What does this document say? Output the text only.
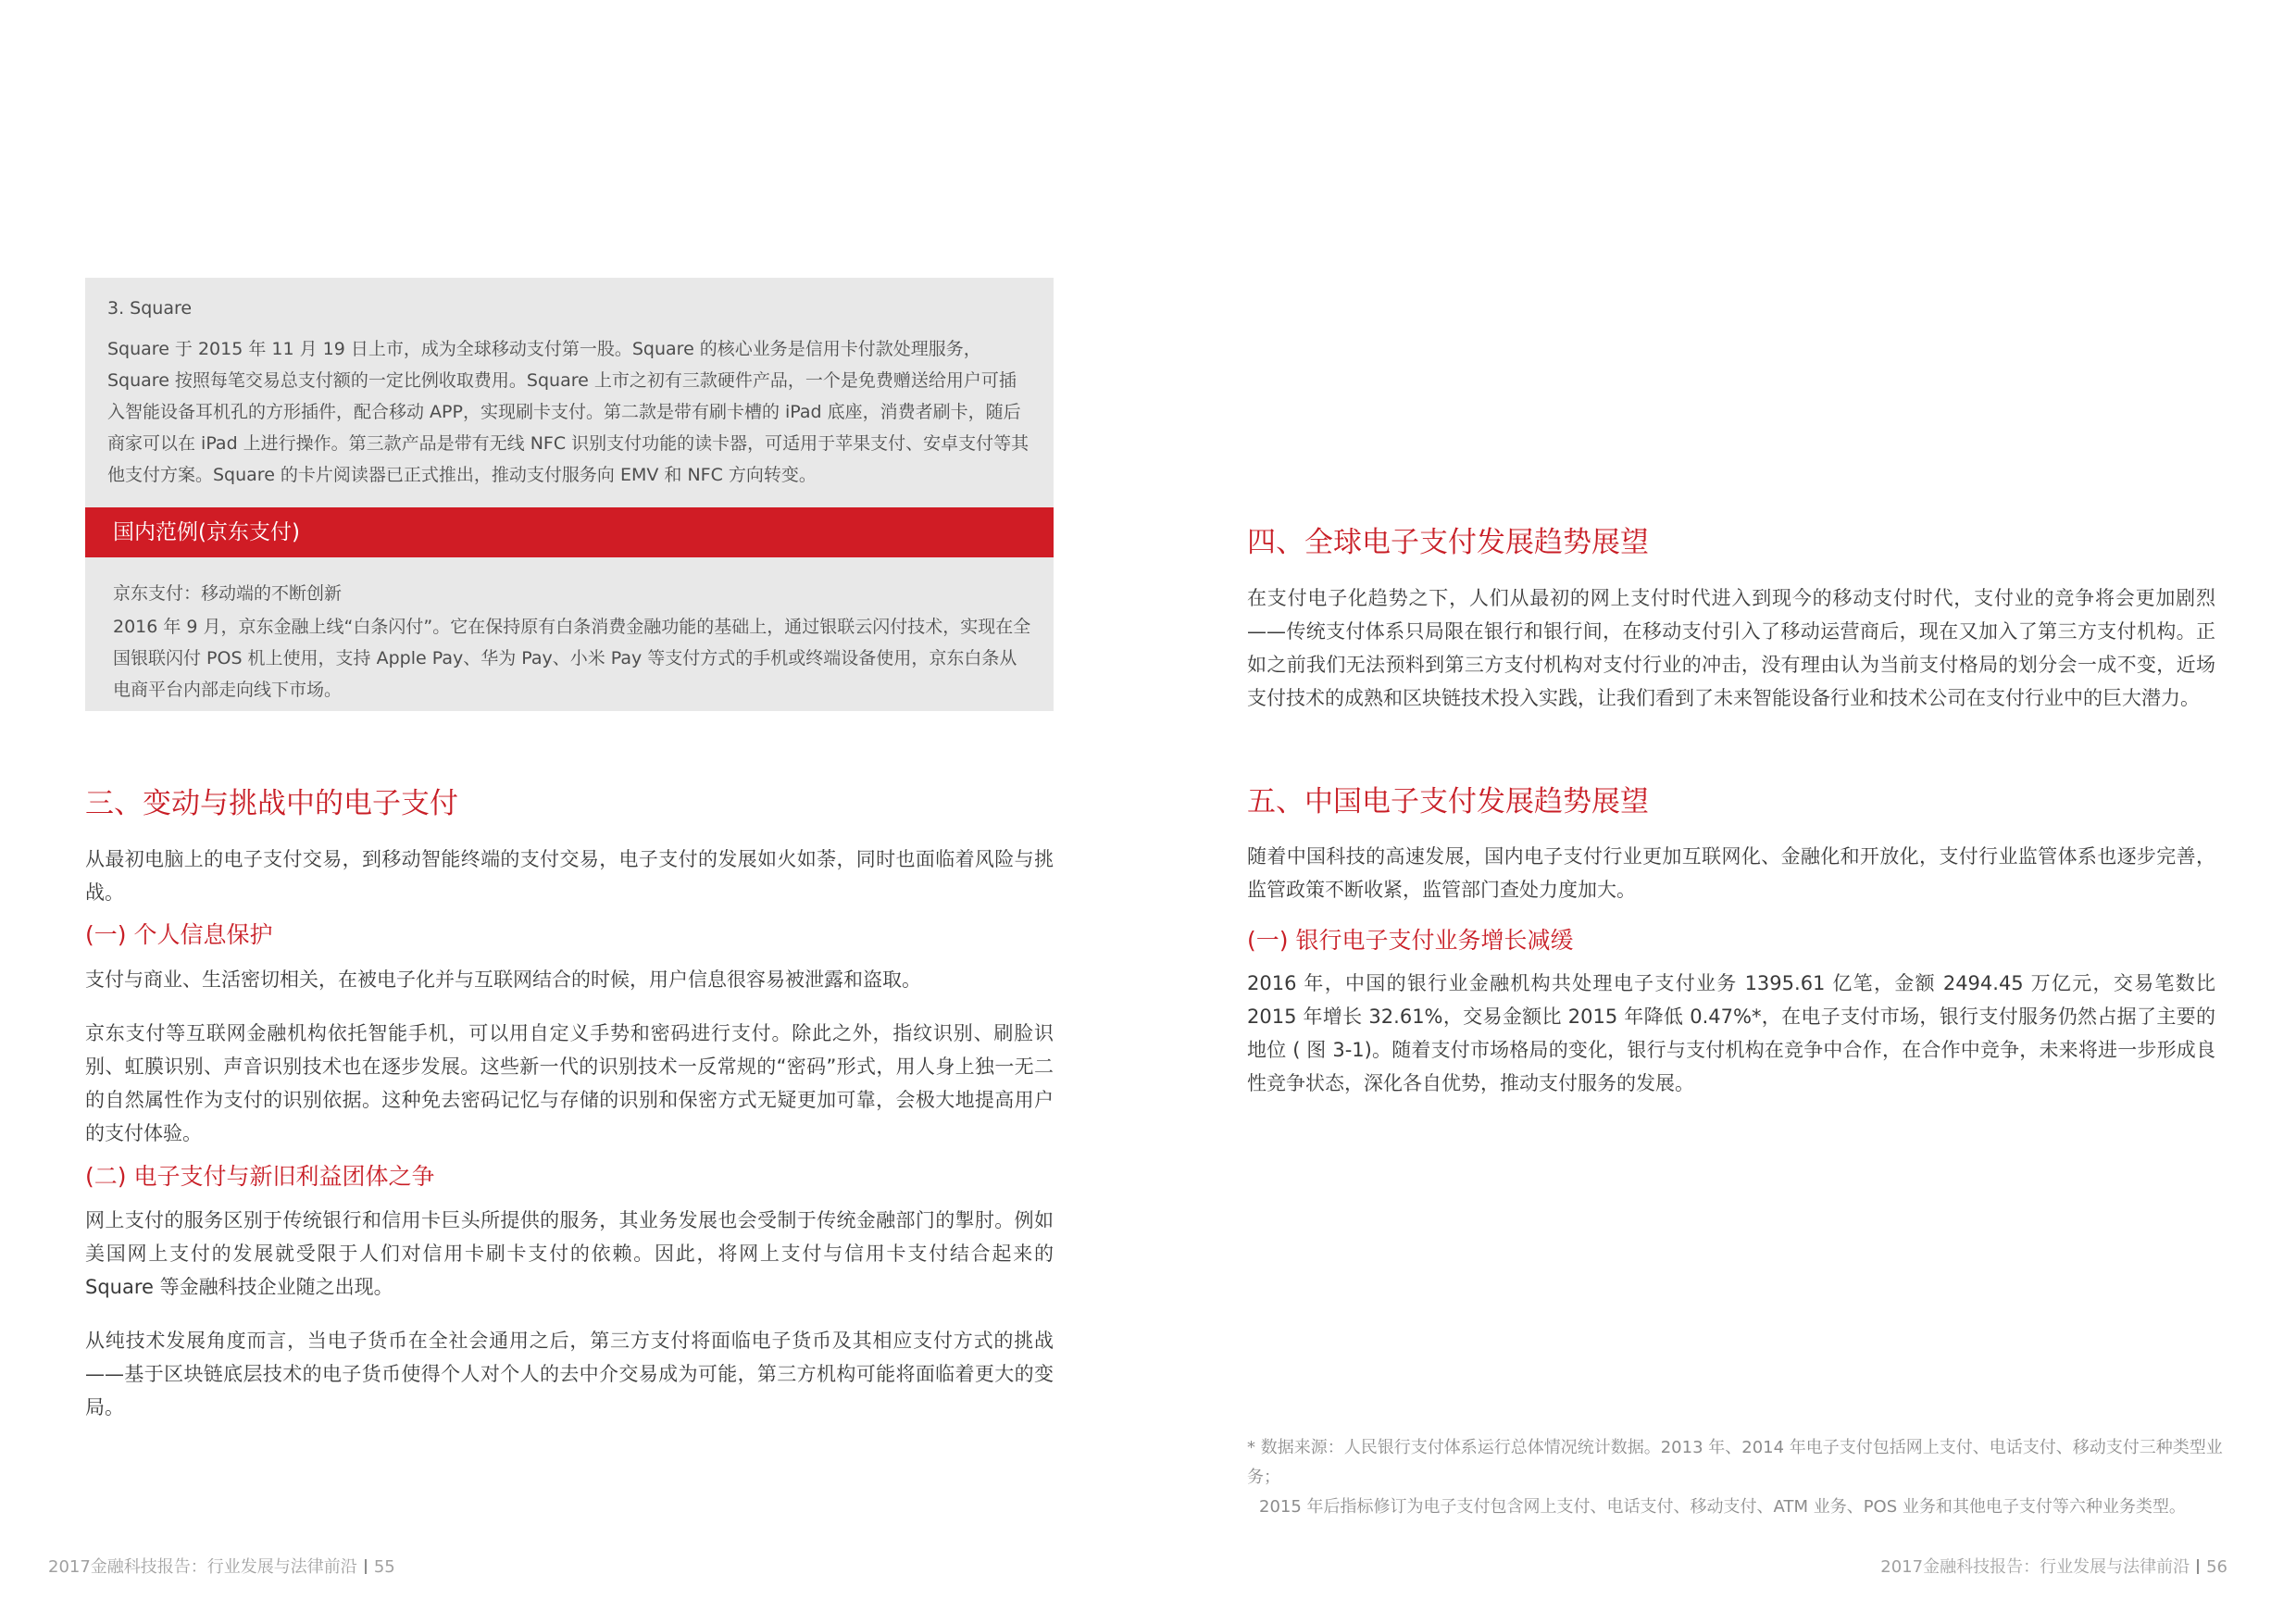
3. Square
Square 于 2015 年 11 月 19 日上市，成为全球移动支付第一股。Square 的核心业务是信用卡付款处理服务，Square 按照每笔交易总支付额的一定比例收取费用。Square 上市之初有三款硬件产品，一个是免费赠送给用户可插入智能设备耳机孔的方形插件，配合移动 APP，实现刷卡支付。第二款是带有刷卡槽的 iPad 底座，消费者刷卡，随后商家可以在 iPad 上进行操作。第三款产品是带有无线 NFC 识别支付功能的读卡器，可适用于苹果支付、安卓支付等其他支付方案。Square 的卡片阅读器已正式推出，推动支付服务向 EMV 和 NFC 方向转变。
国内范例(京东支付)
京东支付：移动端的不断创新
2016 年 9 月，京东金融上线“白条闪付”。它在保持原有白条消费金融功能的基础上，通过银联云闪付技术，实现在全国银联闪付 POS 机上使用，支持 Apple Pay、华为 Pay、小米 Pay 等支付方式的手机或终端设备使用，京东白条从电商平台内部走向线下市场。
三、变动与挑战中的电子支付
从最初电脑上的电子支付交易，到移动智能终端的支付交易，电子支付的发展如火如荼，同时也面临着风险与挑战。
(一) 个人信息保护
支付与商业、生活密切相关，在被电子化并与互联网结合的时候，用户信息很容易被泄露和盗取。
京东支付等互联网金融机构依托智能手机，可以用自定义手势和密码进行支付。除此之外，指纹识别、刷脸识别、虹膜识别、声音识别技术也在逐步发展。这些新一代的识别技术一反常规的“密码”形式，用人身上独一无二的自然属性作为支付的识别依据。这种免去密码记忆与存储的识别和保密方式无疑更加可靠，会极大地提高用户的支付体验。
(二) 电子支付与新旧利益团体之争
网上支付的服务区别于传统银行和信用卡巨头所提供的服务，其业务发展也会受制于传统金融部门的掣肘。例如美国网上支付的发展就受限于人们对信用卡刷卡支付的依赖。因此，将网上支付与信用卡支付结合起来的 Square 等金融科技企业随之出现。
从纯技术发展角度而言，当电子货币在全社会通用之后，第三方支付将面临电子货币及其相应支付方式的挑战——基于区块链底层技术的电子货币使得个人对个人的去中介交易成为可能，第三方机构可能将面临着更大的变局。
2017金融科技报告：行业发展与法律前沿 55
四、全球电子支付发展趋势展望
在支付电子化趋势之下，人们从最初的网上支付时代进入到现今的移动支付时代，支付业的竞争将会更加剧烈——传统支付体系只局限在银行和银行间，在移动支付引入了移动运营商后，现在又加入了第三方支付机构。正如之前我们无法预料到第三方支付机构对支付行业的冲击，没有理由认为当前支付格局的划分会一成不变，近场支付技术的成熟和区块链技术投入实践，让我们看到了未来智能设备行业和技术公司在支付行业中的巨大潜力。
五、中国电子支付发展趋势展望
随着中国科技的高速发展，国内电子支付行业更加互联网化、金融化和开放化，支付行业监管体系也逐步完善，监管政策不断收紧，监管部门查处力度加大。
(一) 银行电子支付业务增长减缓
2016 年，中国的银行业金融机构共处理电子支付业务 1395.61 亿笔，金额 2494.45 万亿元，交易笔数比 2015 年增长 32.61%，交易金额比 2015 年降低 0.47%*，在电子支付市场，银行支付服务仍然占据了主要的地位 ( 图 3-1)。随着支付市场格局的变化，银行与支付机构在竞争中合作，在合作中竞争，未来将进一步形成良性竞争状态，深化各自优势，推动支付服务的发展。
* 数据来源：人民银行支付体系运行总体情况统计数据。2013 年、2014 年电子支付包括网上支付、电话支付、移动支付三种类型业务；
2015 年后指标修订为电子支付包含网上支付、电话支付、移动支付、ATM 业务、POS 业务和其他电子支付等六种业务类型。
2017金融科技报告：行业发展与法律前沿 56
